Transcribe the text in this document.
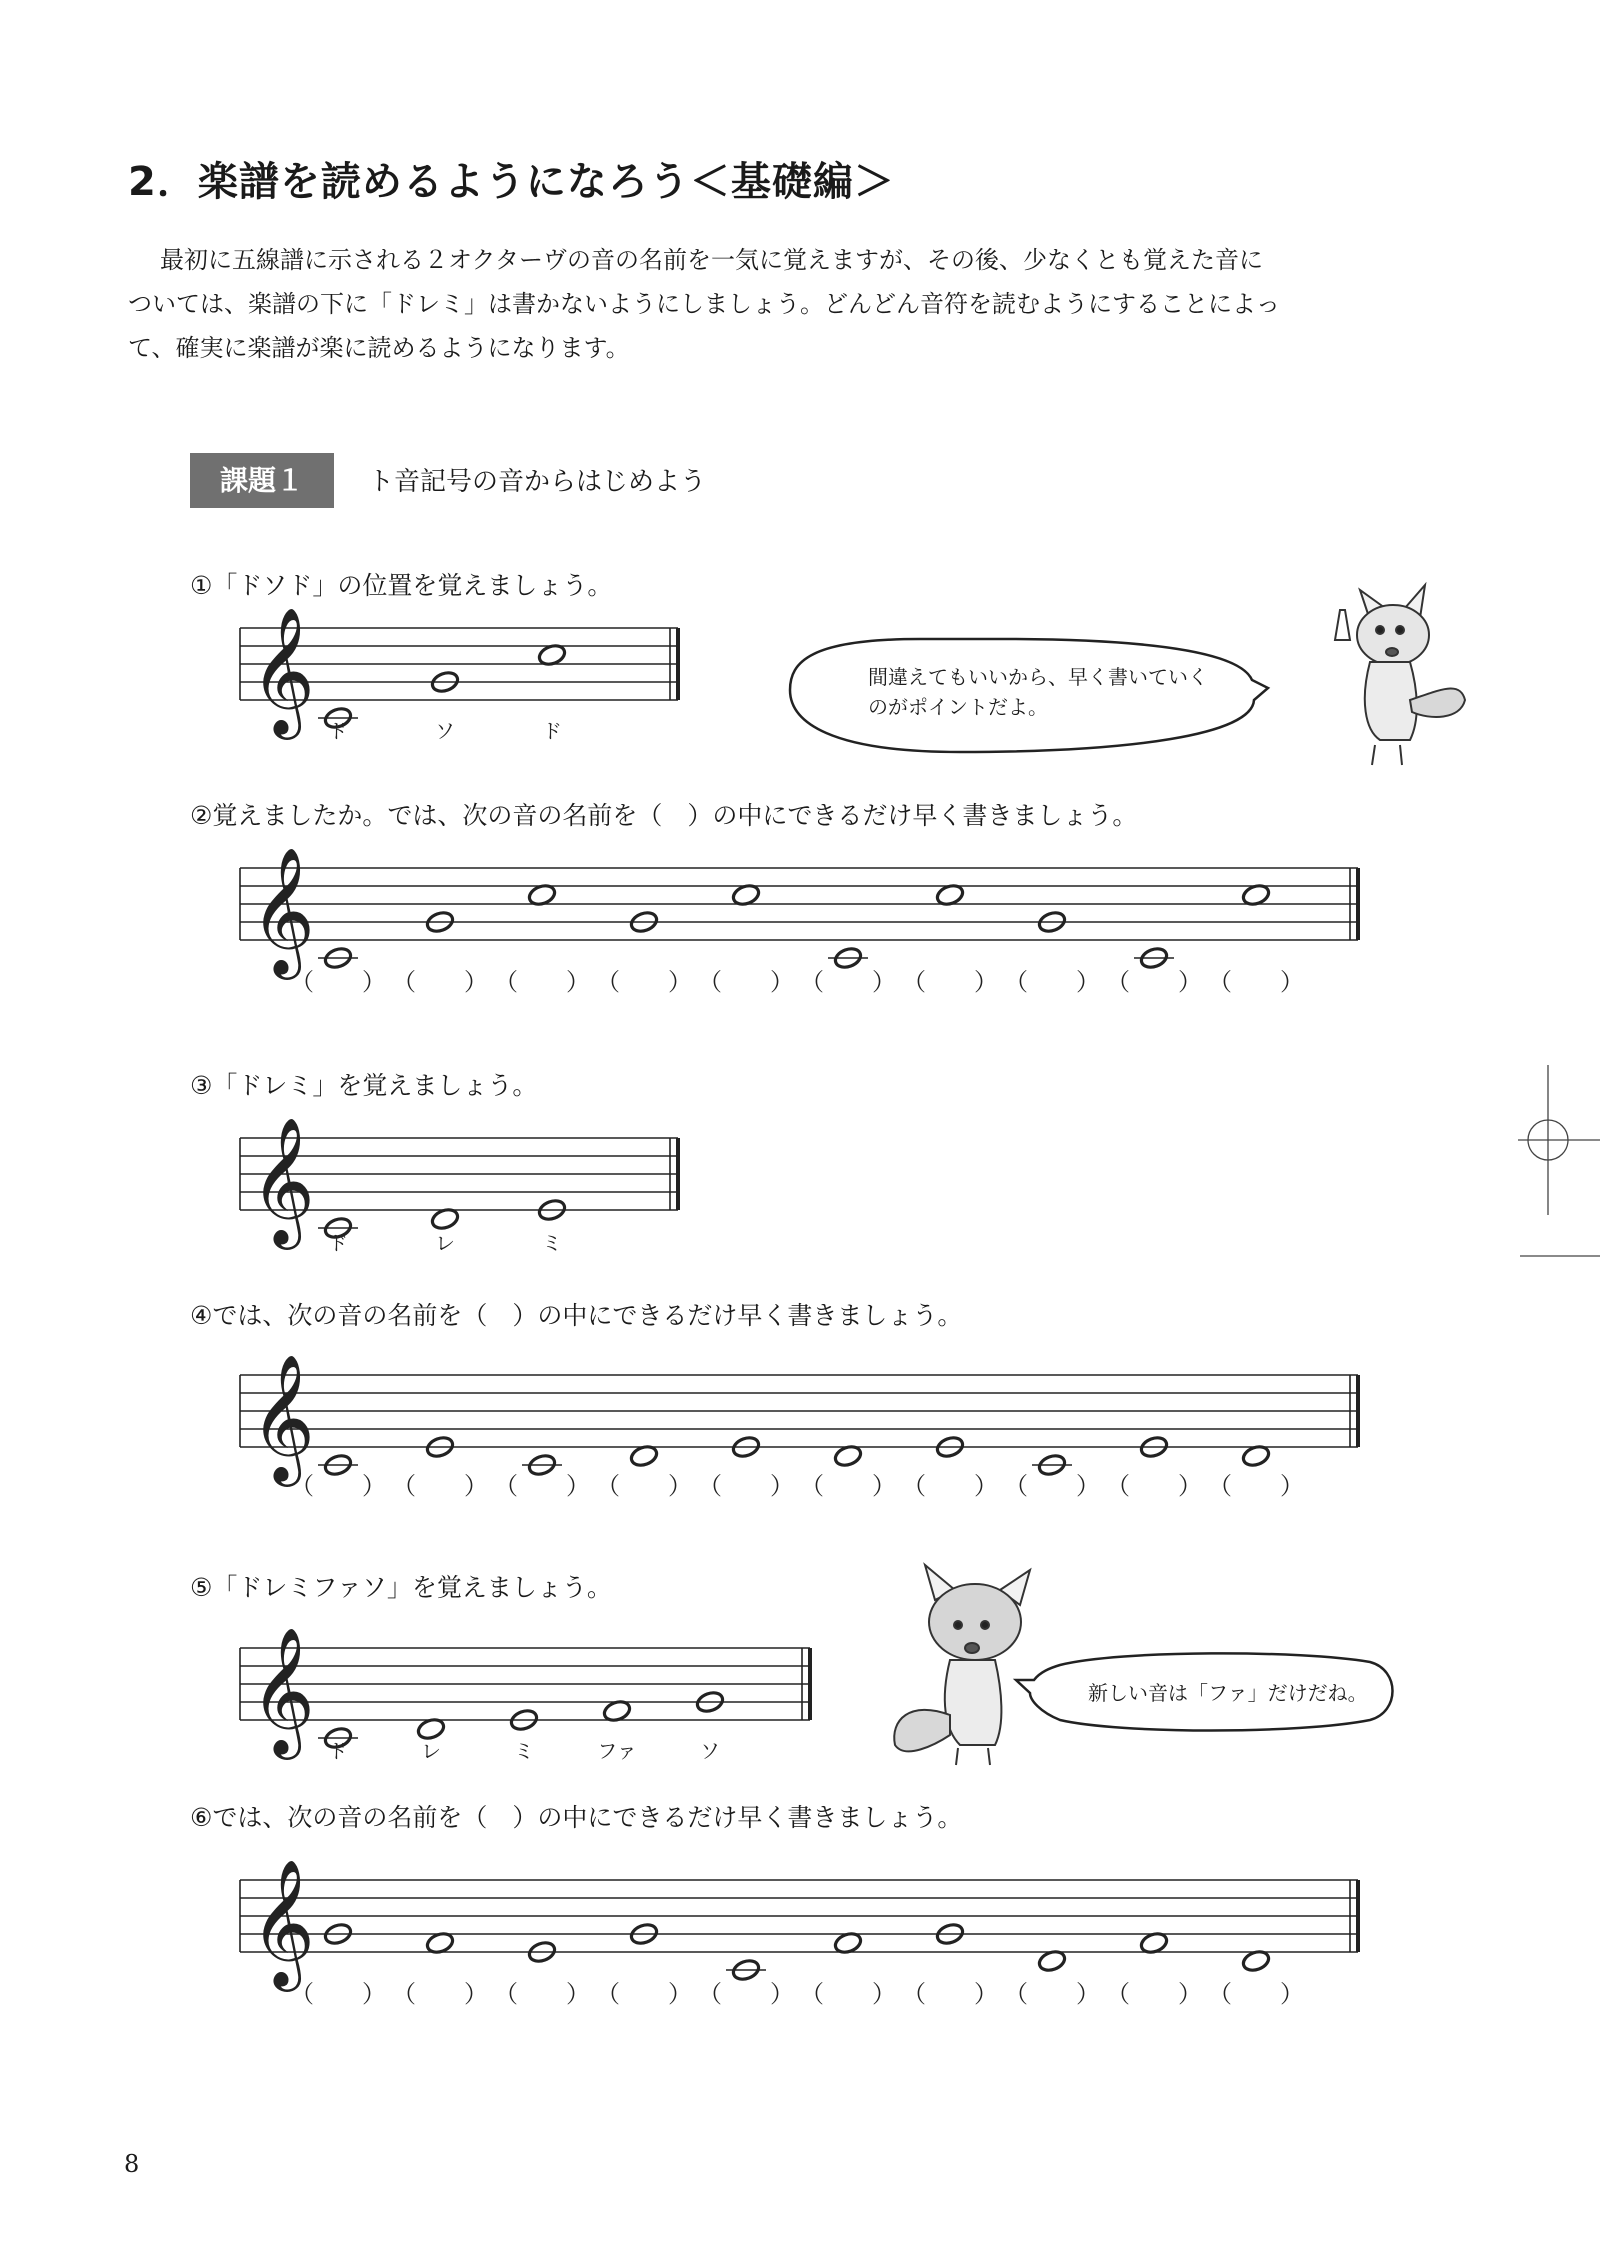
2．楽譜を読めるようになろう＜基礎編＞

最初に五線譜に示される２オクターヴの音の名前を一気に覚えますが、その後、少なくとも覚えた音に

ついては、楽譜の下に「ドレミ」は書かないようにしましょう。どんどん音符を読むようにすることによっ

て、確実に楽譜が楽に読めるようになります。

課題１	ト音記号の音からはじめよう
①「ドソド」の位置を覚えましょう。
②覚えましたか。では、次の音の名前を（　）の中にできるだけ早く書きましょう。
③「ドレミ」を覚えましょう。
④では、次の音の名前を（　）の中にできるだけ早く書きましょう。
⑤「ドレミファソ」を覚えましょう。
⑥では、次の音の名前を（　）の中にできるだけ早く書きましょう。
𝄞 ド	ソ	ド
𝄞
（　　） （　　） （　　） （　　） （　　） （　　） （　　） （　　） （　　） （　　）
𝄞 ド	レ	ミ
𝄞
（　　） （　　） （　　） （　　） （　　） （　　） （　　） （　　） （　　） （　　）
𝄞 ド	レ	ミ	ファ	ソ
𝄞
（　　） （　　） （　　） （　　） （　　） （　　） （　　） （　　） （　　） （　　）
間違えてもいいから、早く書いていく
のがポイントだよ。
新しい音は「ファ」だけだね。
8
